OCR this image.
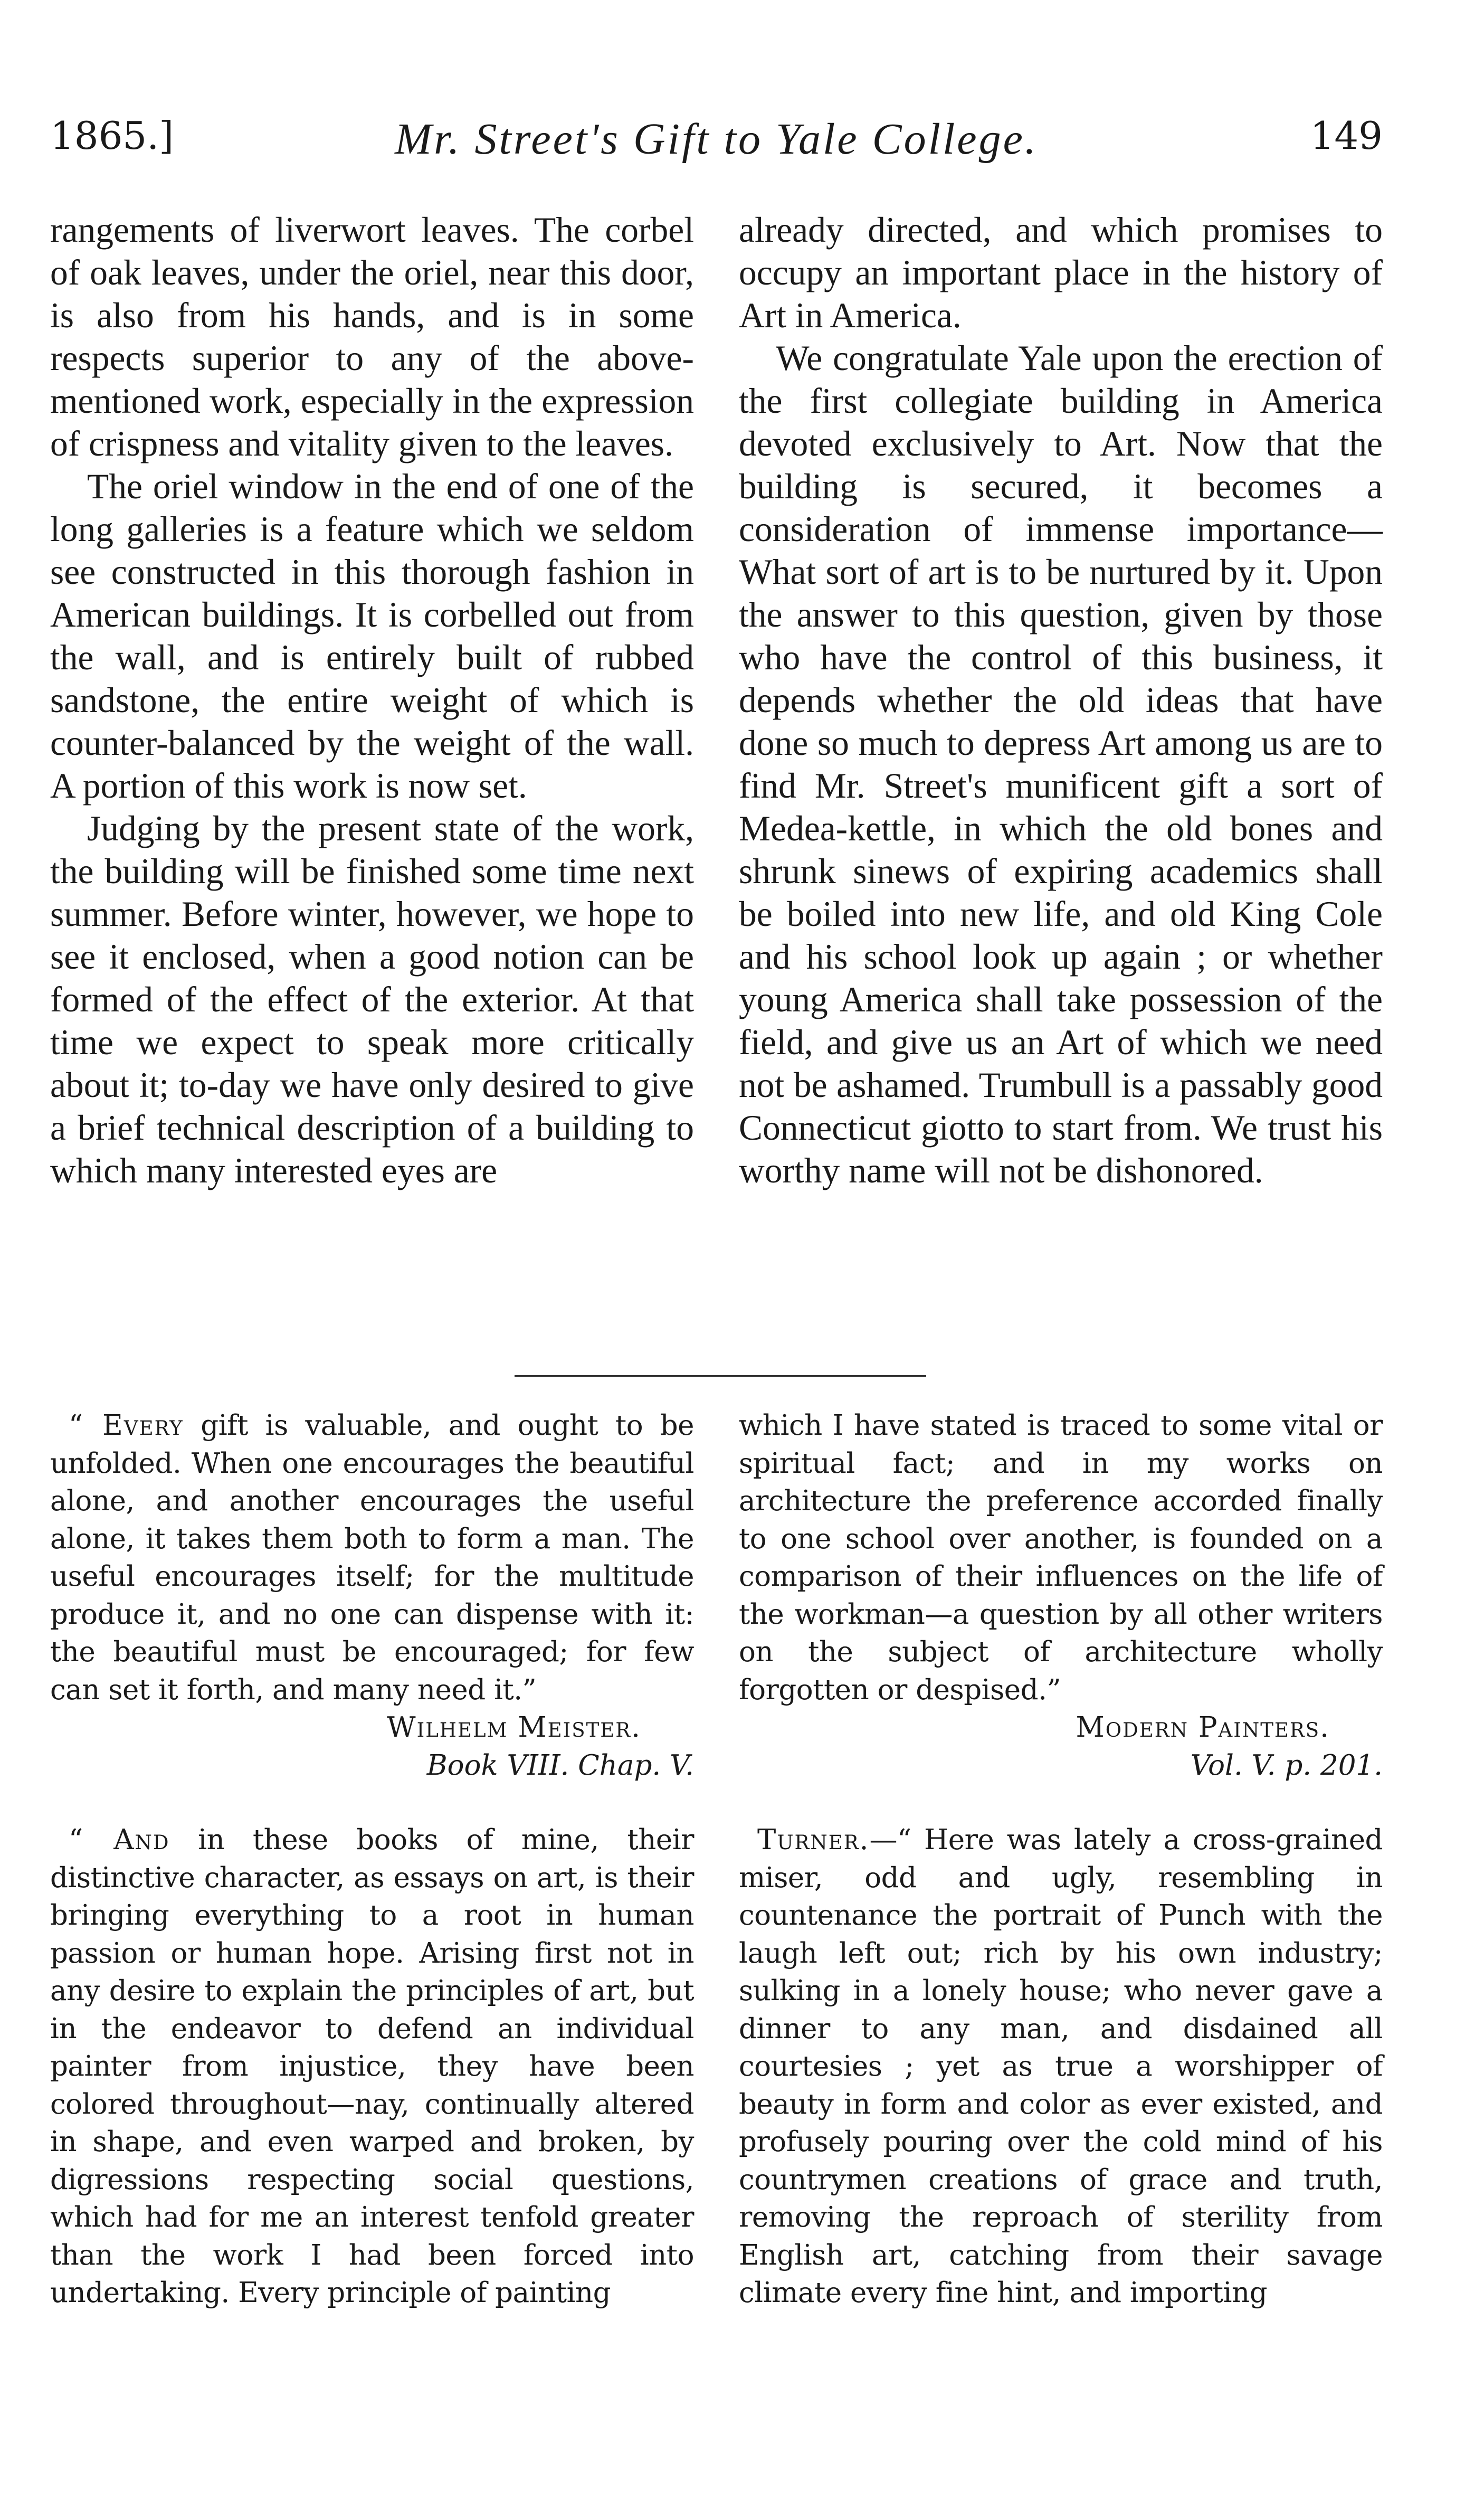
1865.]	Mr. Street's Gift to Yale College.	149

rangements of liverwort leaves. The corbel of oak leaves, under the oriel, near this door, is also from his hands, and is in some respects superior to any of the above-mentioned work, especially in the expression of crispness and vitality given to the leaves.

The oriel window in the end of one of the long galleries is a feature which we seldom see constructed in this thorough fashion in American buildings. It is corbelled out from the wall, and is entirely built of rubbed sandstone, the entire weight of which is counter-balanced by the weight of the wall. A portion of this work is now set.

Judging by the present state of the work, the building will be finished some time next summer. Before winter, however, we hope to see it enclosed, when a good notion can be formed of the effect of the exterior. At that time we expect to speak more critically about it; to-day we have only desired to give a brief technical description of a building to which many interested eyes are

already directed, and which promises to occupy an important place in the history of Art in America.

We congratulate Yale upon the erection of the first collegiate building in America devoted exclusively to Art. Now that the building is secured, it becomes a consideration of immense importance—What sort of art is to be nurtured by it. Upon the answer to this question, given by those who have the control of this business, it depends whether the old ideas that have done so much to depress Art among us are to find Mr. Street's munificent gift a sort of Medea-kettle, in which the old bones and shrunk sinews of expiring academics shall be boiled into new life, and old King Cole and his school look up again ; or whether young America shall take possession of the field, and give us an Art of which we need not be ashamed. Trumbull is a passably good Connecticut giotto to start from. We trust his worthy name will not be dishonored.

“ Every gift is valuable, and ought to be unfolded. When one encourages the beautiful alone, and another encourages the useful alone, it takes them both to form a man. The useful encourages itself; for the multitude produce it, and no one can dispense with it: the beautiful must be encouraged; for few can set it forth, and many need it.”

Wilhelm Meister.
Book VIII. Chap. V.

“ And in these books of mine, their distinctive character, as essays on art, is their bringing everything to a root in human passion or human hope. Arising first not in any desire to explain the principles of art, but in the endeavor to defend an individual painter from injustice, they have been colored throughout—nay, continually altered in shape, and even warped and broken, by digressions respecting social questions, which had for me an interest tenfold greater than the work I had been forced into undertaking. Every principle of painting

which I have stated is traced to some vital or spiritual fact; and in my works on architecture the preference accorded finally to one school over another, is founded on a comparison of their influences on the life of the workman—a question by all other writers on the subject of architecture wholly forgotten or despised.”

Modern Painters.
Vol. V. p. 201.

Turner.—“ Here was lately a cross-grained miser, odd and ugly, resembling in countenance the portrait of Punch with the laugh left out; rich by his own industry; sulking in a lonely house; who never gave a dinner to any man, and disdained all courtesies ; yet as true a worshipper of beauty in form and color as ever existed, and profusely pouring over the cold mind of his countrymen creations of grace and truth, removing the reproach of sterility from English art, catching from their savage climate every fine hint, and importing
